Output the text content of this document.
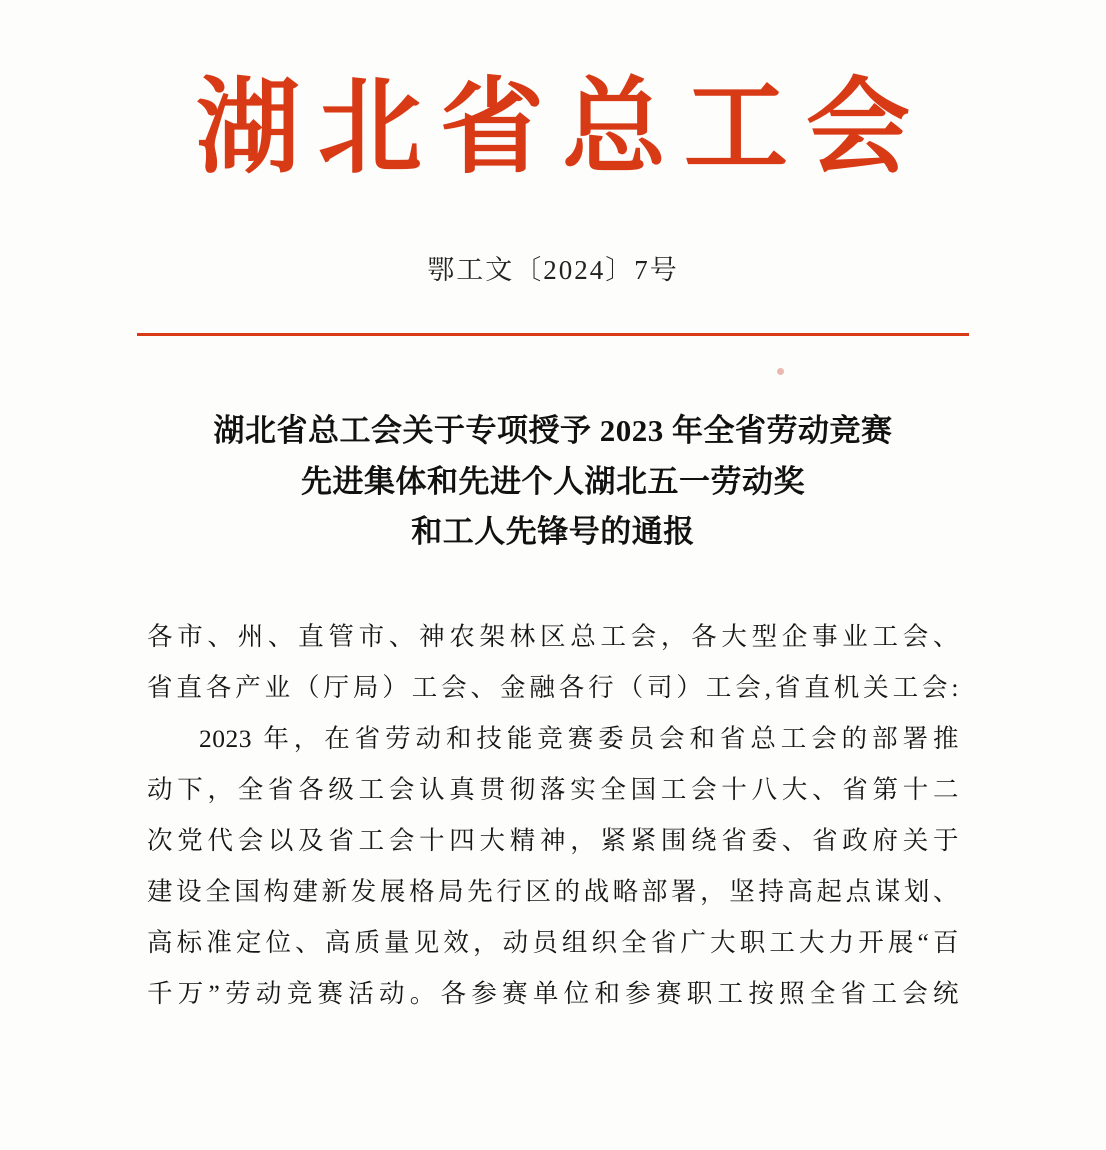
湖北省总工会
鄂工文〔2024〕7号
湖北省总工会关于专项授予 2023 年全省劳动竞赛
先进集体和先进个人湖北五一劳动奖
和工人先锋号的通报

各市、州、直管市、神农架林区总工会，各大型企事业工会、

省直各产业（厅局）工会、金融各行（司）工会,省直机关工会:

2023 年，在省劳动和技能竞赛委员会和省总工会的部署推

动下，全省各级工会认真贯彻落实全国工会十八大、省第十二

次党代会以及省工会十四大精神，紧紧围绕省委、省政府关于

建设全国构建新发展格局先行区的战略部署，坚持高起点谋划、

高标准定位、高质量见效，动员组织全省广大职工大力开展“百

千万”劳动竞赛活动。各参赛单位和参赛职工按照全省工会统
